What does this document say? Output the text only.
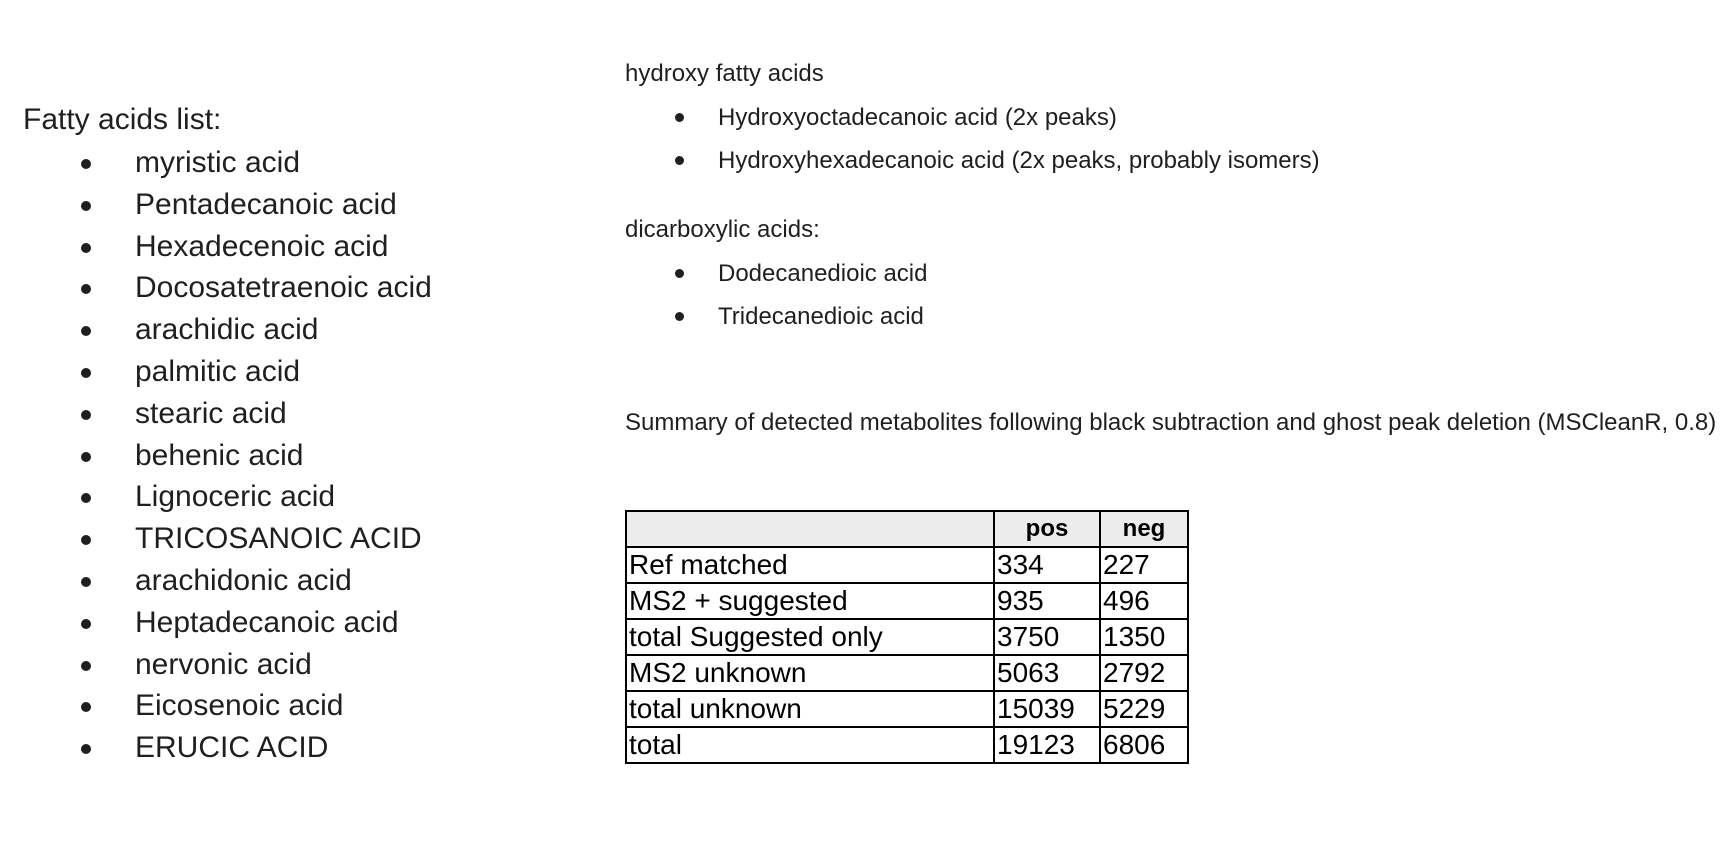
Fatty acids list:
myristic acid
Pentadecanoic acid
Hexadecenoic acid
Docosatetraenoic acid
arachidic acid
palmitic acid
stearic acid
behenic acid
Lignoceric acid
TRICOSANOIC ACID
arachidonic acid
Heptadecanoic acid
nervonic acid
Eicosenoic acid
ERUCIC ACID
hydroxy fatty acids
Hydroxyoctadecanoic acid (2x peaks)
Hydroxyhexadecanoic acid (2x peaks, probably isomers)
dicarboxylic acids:
Dodecanedioic acid
Tridecanedioic acid
Summary of detected metabolites following black subtraction and ghost peak deletion (MSCleanR, 0.8)
	pos	neg
Ref matched	334	227
MS2 + suggested	935	496
total Suggested only	3750	1350
MS2 unknown	5063	2792
total unknown	15039	5229
total	19123	6806
